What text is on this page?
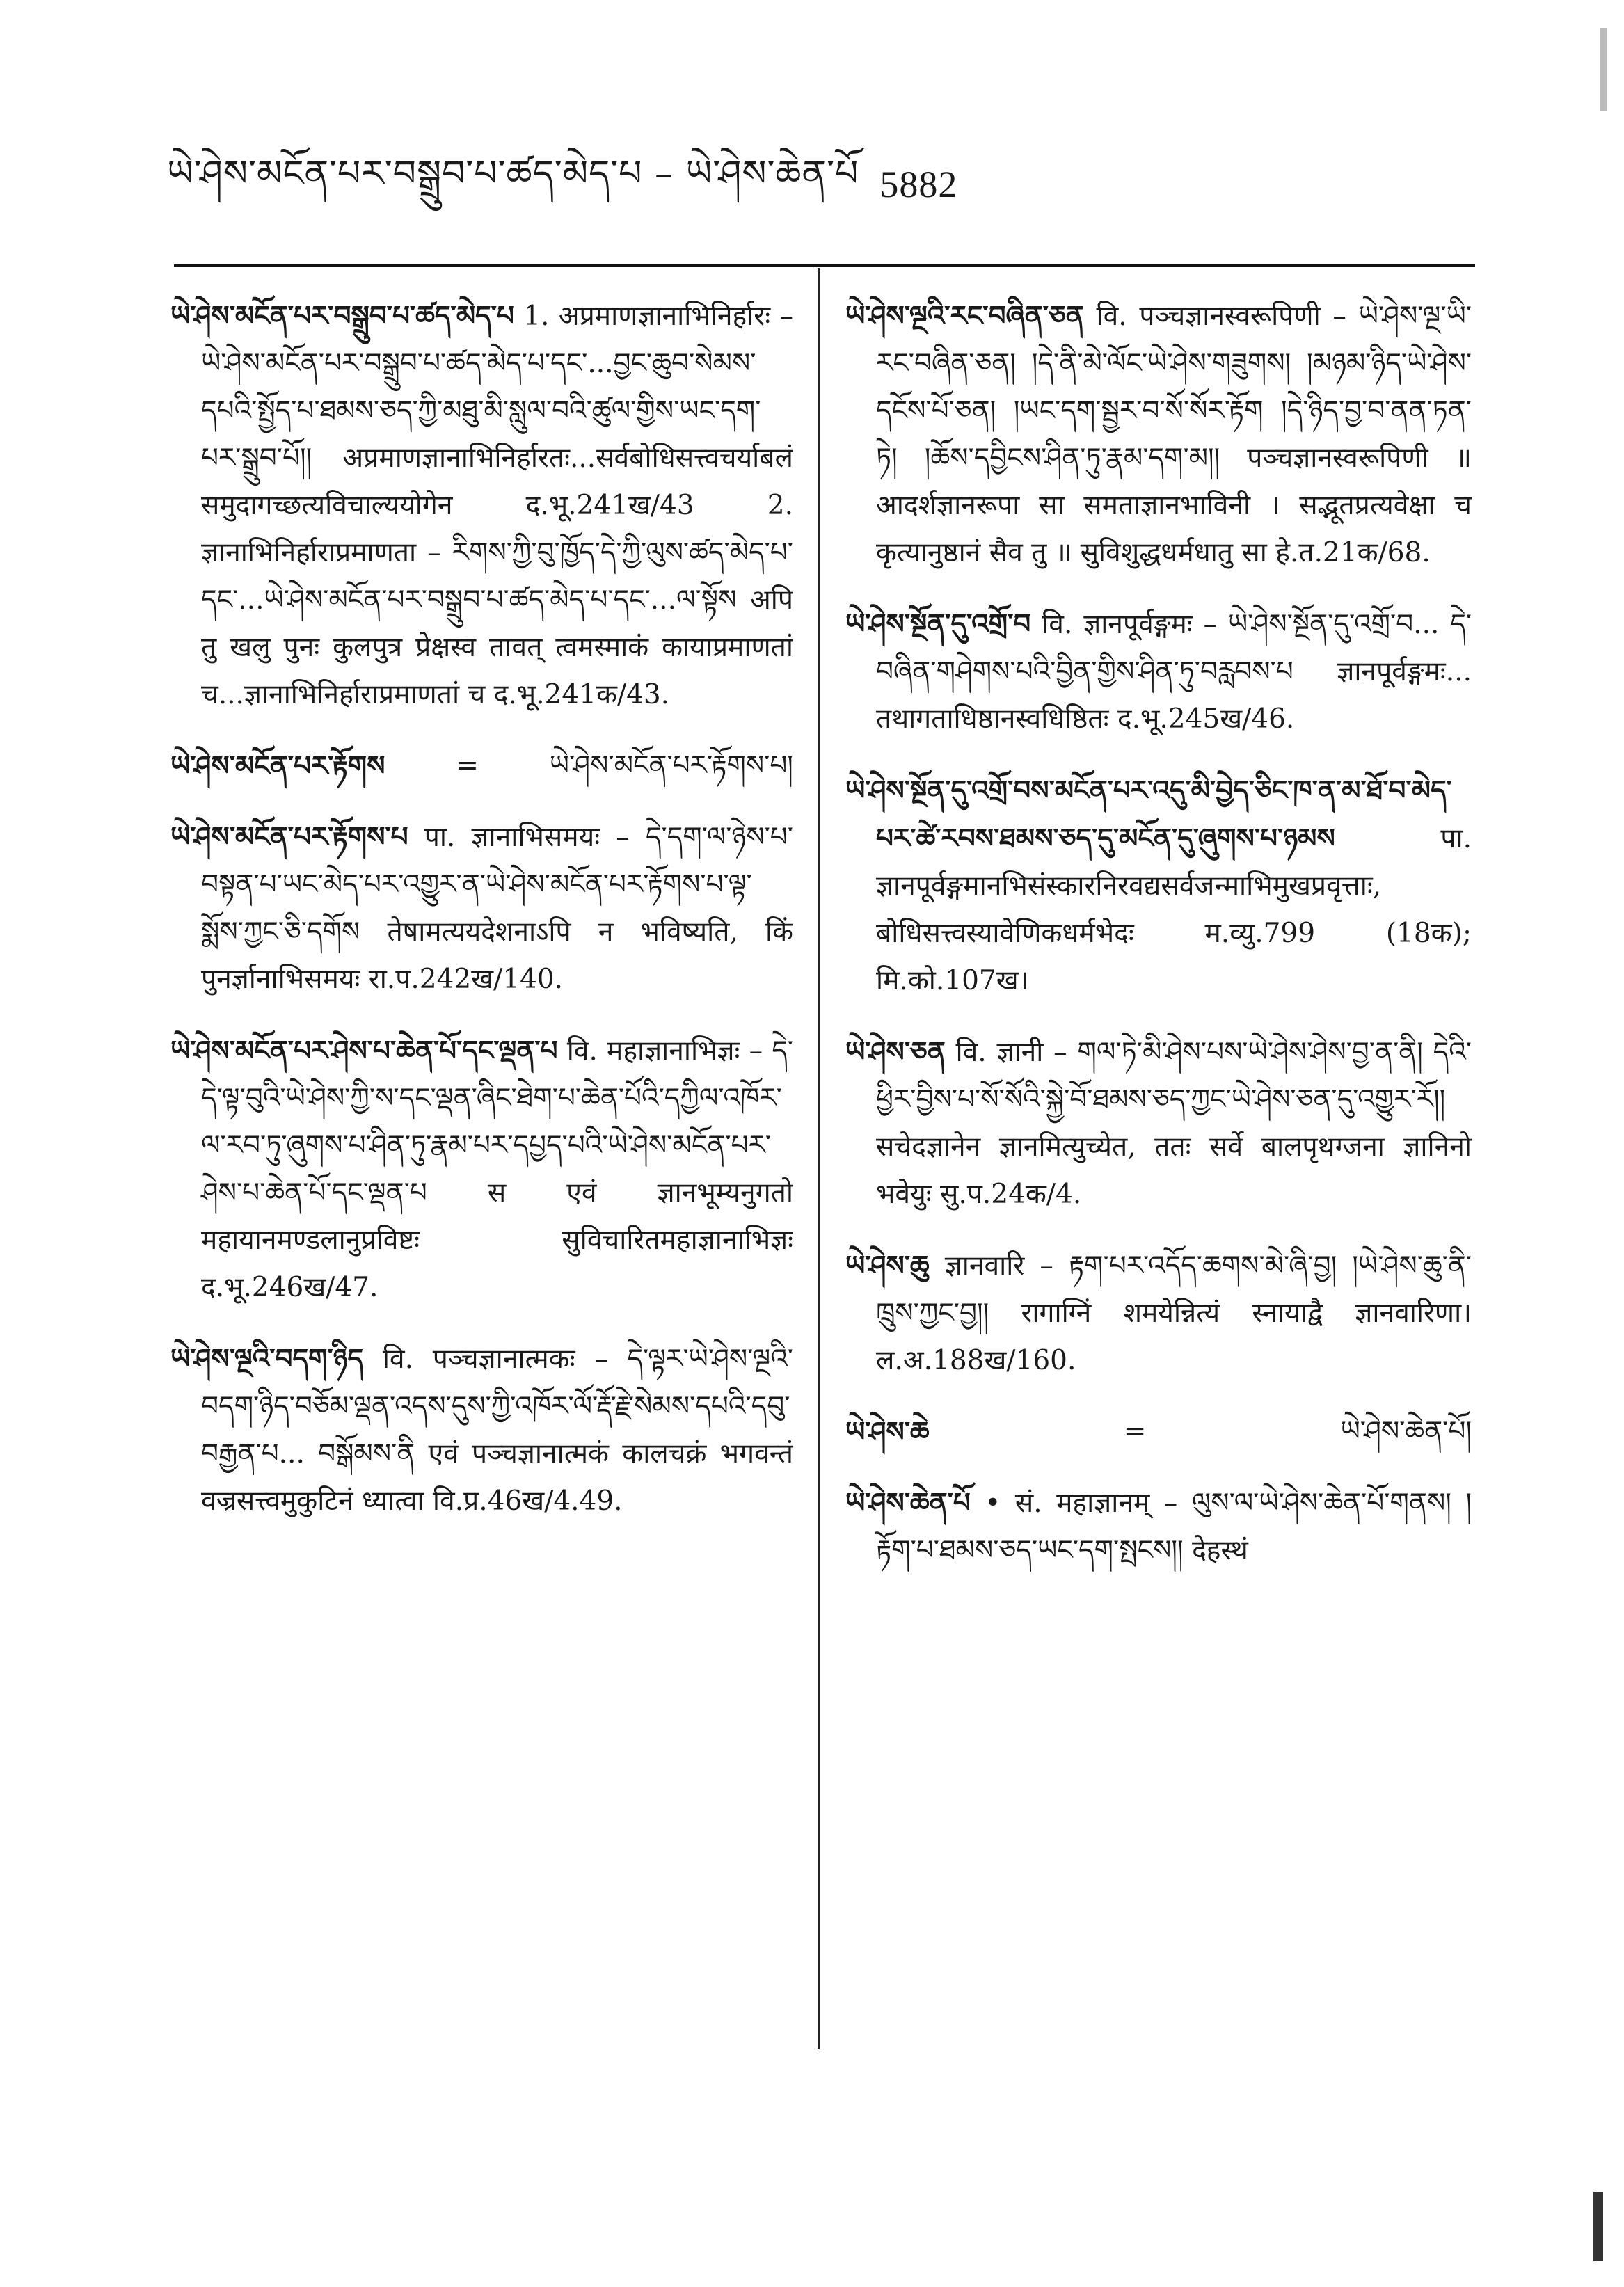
ཡེ་ཤེས་མངོན་པར་བསྒྲུབ་པ་ཚད་མེད་པ – ཡེ་ཤེས་ཆེན་པོ 5882

ཡེ་ཤེས་མངོན་པར་བསྒྲུབ་པ་ཚད་མེད་པ 1. अप्रमाणज्ञानाभिनिर्हारः – ཡེ་ཤེས་མངོན་པར་བསྒྲུབ་པ་ཚད་མེད་པ་དང་...བྱང་ཆུབ་སེམས་དཔའི་སྤྱོད་པ་ཐམས་ཅད་ཀྱི་མཐུ་མི་སླུལ་བའི་ཚུལ་གྱིས་ཡང་དག་པར་སྒྲུབ་པོ།། अप्रमाणज्ञानाभिनिर्हारतः...सर्वबोधिसत्त्वचर्याबलं समुदागच्छत्यविचाल्ययोगेन द.भू.241ख/43 2. ज्ञानाभिनिर्हाराप्रमाणता – རིགས་ཀྱི་བུ་ཁྱོད་དེ་ཀྱི་ལུས་ཚད་མེད་པ་དང་...ཡེ་ཤེས་མངོན་པར་བསྒྲུབ་པ་ཚད་མེད་པ་དང་...ལ་སྟོས अपि तु खलु पुनः कुलपुत्र प्रेक्षस्व तावत् त्वमस्माकं कायाप्रमाणतां च...ज्ञानाभिनिर्हाराप्रमाणतां च द.भू.241क/43.

ཡེ་ཤེས་མངོན་པར་རྟོགས	=	ཡེ་ཤེས་མངོན་པར་རྟོགས་པ།

ཡེ་ཤེས་མངོན་པར་རྟོགས་པ पा. ज्ञानाभिसमयः – དེ་དག་ལ་ཉེས་པ་བསྟན་པ་ཡང་མེད་པར་འགྱུར་ན་ཡེ་ཤེས་མངོན་པར་རྟོགས་པ་ལྟ་སྨོས་ཀྱང་ཅི་དགོས तेषामत्ययदेशनाऽपि न भविष्यति, किं पुनर्ज्ञानाभिसमयः रा.प.242ख/140.

ཡེ་ཤེས་མངོན་པར་ཤེས་པ་ཆེན་པོ་དང་ལྡན་པ वि. महाज्ञानाभिज्ञः – དེ་དེ་ལྟ་བུའི་ཡེ་ཤེས་ཀྱི་ས་དང་ལྡན་ཞིང་ཐེག་པ་ཆེན་པོའི་དཀྱིལ་འཁོར་ལ་རབ་ཏུ་ཞུགས་པ་ཤིན་ཏུ་རྣམ་པར་དཔྱད་པའི་ཡེ་ཤེས་མངོན་པར་ཤེས་པ་ཆེན་པོ་དང་ལྡན་པ स एवं ज्ञानभूम्यनुगतो महायानमण्डलानुप्रविष्टः सुविचारितमहाज्ञानाभिज्ञः द.भू.246ख/47.

ཡེ་ཤེས་ལྔའི་བདག་ཉིད वि. पञ्चज्ञानात्मकः – དེ་ལྟར་ཡེ་ཤེས་ལྔའི་བདག་ཉིད་བཅོམ་ལྡན་འདས་དུས་ཀྱི་འཁོར་ལོ་རྡོ་རྗེ་སེམས་དཔའི་དབུ་བརྒྱན་པ... བསྒོམས་ནི एवं पञ्चज्ञानात्मकं कालचक्रं भगवन्तं वज्रसत्त्वमुकुटिनं ध्यात्वा वि.प्र.46ख/4.49.

ཡེ་ཤེས་ལྔའི་རང་བཞིན་ཅན वि. पञ्चज्ञानस्वरूपिणी – ཡེ་ཤེས་ལྔ་ཡི་རང་བཞིན་ཅན། །དེ་ནི་མེ་ལོང་ཡེ་ཤེས་གཟུགས། །མཉམ་ཉིད་ཡེ་ཤེས་དངོས་པོ་ཅན། །ཡང་དག་སྦྱར་བ་སོ་སོར་རྟོག །དེ་ཉིད་བྱ་བ་ནན་ཏན་ཏེ། །ཆོས་དབྱིངས་ཤིན་ཏུ་རྣམ་དག་མ།། पञ्चज्ञानस्वरूपिणी ॥ आदर्शज्ञानरूपा सा समताज्ञानभाविनी । सद्भूतप्रत्यवेक्षा च कृत्यानुष्ठानं सैव तु ॥ सुविशुद्धधर्मधातु सा हे.त.21क/68.

ཡེ་ཤེས་སྔོན་དུ་འགྲོ་བ वि. ज्ञानपूर्वङ्गमः – ཡེ་ཤེས་སྔོན་དུ་འགྲོ་བ... དེ་བཞིན་གཤེགས་པའི་བྱིན་གྱིས་ཤིན་ཏུ་བརླབས་པ ज्ञानपूर्वङ्गमः... तथागताधिष्ठानस्वधिष्ठितः द.भू.245ख/46.

ཡེ་ཤེས་སྔོན་དུ་འགྲོ་བས་མངོན་པར་འདུ་མི་བྱེད་ཅིང་ཁ་ན་མ་ཐོ་བ་མེད་པར་ཚེ་རབས་ཐམས་ཅད་དུ་མངོན་དུ་ཞུགས་པ་ཉམས पा. ज्ञानपूर्वङ्गमानभिसंस्कारनिरवद्यसर्वजन्माभिमुखप्रवृत्ताः, बोधिसत्त्वस्यावेणिकधर्मभेदः म.व्यु.799 (18क); मि.को.107ख।

ཡེ་ཤེས་ཅན वि. ज्ञानी – གལ་ཏེ་མི་ཤེས་པས་ཡེ་ཤེས་ཤེས་བྱ་ན་ནི། དེའི་ཕྱིར་བྱིས་པ་སོ་སོའི་སྐྱེ་བོ་ཐམས་ཅད་ཀྱང་ཡེ་ཤེས་ཅན་དུ་འགྱུར་རོ།། सचेदज्ञानेन ज्ञानमित्युच्येत, ततः सर्वे बालपृथग्जना ज्ञानिनो भवेयुः सु.प.24क/4.

ཡེ་ཤེས་ཆུ ज्ञानवारि – རྟག་པར་འདོད་ཆགས་མེ་ཞི་བྱ། །ཡེ་ཤེས་ཆུ་ནི་ཁྲུས་ཀྱང་བྱ།། रागाग्निं शमयेन्नित्यं स्नायाद्वै ज्ञानवारिणा। ल.अ.188ख/160.

ཡེ་ཤེས་ཆེ	=	ཡེ་ཤེས་ཆེན་པོ།

ཡེ་ཤེས་ཆེན་པོ • सं. महाज्ञानम् – ལུས་ལ་ཡེ་ཤེས་ཆེན་པོ་གནས། །རྟོག་པ་ཐམས་ཅད་ཡང་དག་སྤངས།། देहस्थं
